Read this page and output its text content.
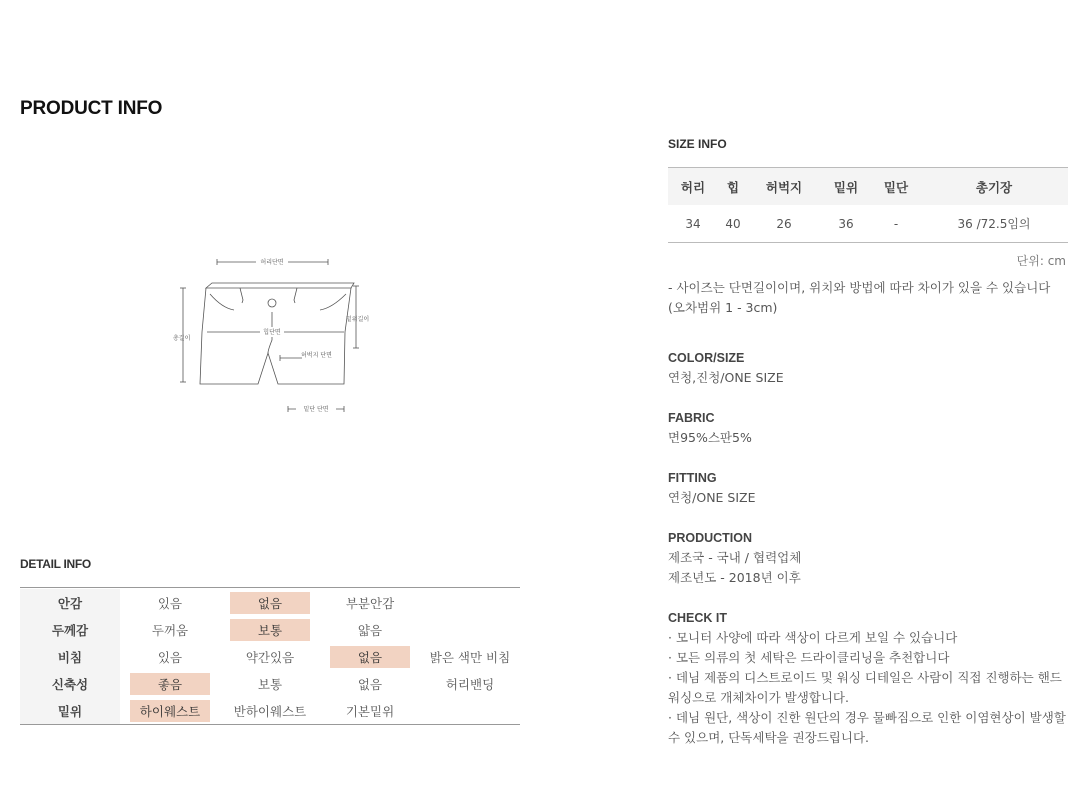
PRODUCT INFO
허리단면
힙단면
밑위길이
총길이
허벅지 단면
밑단 단면
DETAIL INFO
안감	있음	없음	부분안감
두께감	두꺼움	보통	얇음
비침	있음	약간있음	없음	밝은 색만 비침
신축성	좋음	보통	없음	허리밴딩
밑위	하이웨스트	반하이웨스트	기본밑위
SIZE INFO
허리	힙	허벅지	밑위	밑단	총기장
34	40	26	36	-	36 /72.5임의
단위: cm
- 사이즈는 단면길이이며, 위치와 방법에 따라 차이가 있을 수 있습니다
(오차범위 1 - 3cm)
COLOR/SIZE
연청,진청/ONE SIZE
FABRIC
면95%스판5%
FITTING
연청/ONE SIZE
PRODUCTION
제조국 - 국내 / 협력업체
제조년도 - 2018년 이후
CHECK IT
· 모니터 사양에 따라 색상이 다르게 보일 수 있습니다
· 모든 의류의 첫 세탁은 드라이클리닝을 추천합니다
· 데님 제품의 디스트로이드 및 워싱 디테일은 사람이 직접 진행하는 핸드
워싱으로 개체차이가 발생합니다.
· 데님 원단, 색상이 진한 원단의 경우 물빠짐으로 인한 이염현상이 발생할
수 있으며, 단독세탁을 권장드립니다.
